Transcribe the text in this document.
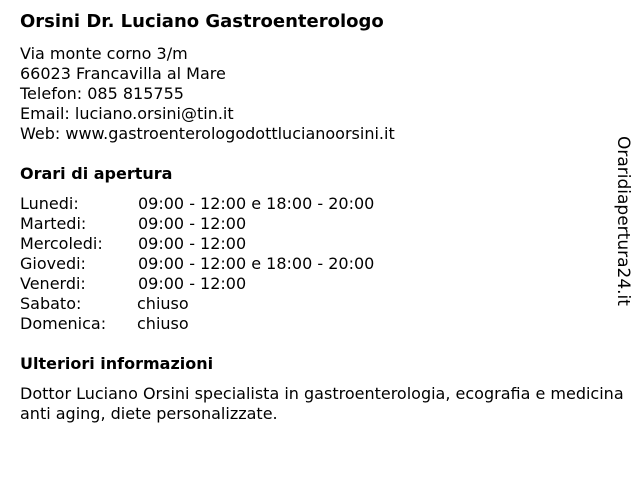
Orsini Dr. Luciano Gastroenterologo
Via monte corno 3/m
66023 Francavilla al Mare
Telefon: 085 815755
Email: luciano.orsini@tin.it
Web: www.gastroenterologodottlucianoorsini.it
Orari di apertura
Lunedi:	09:00 - 12:00 e 18:00 - 20:00
Martedi:	09:00 - 12:00
Mercoledi: 09:00 - 12:00
Giovedi:	09:00 - 12:00 e 18:00 - 20:00
Venerdi:	09:00 - 12:00
Sabato:	chiuso
Domenica: chiuso
Ulteriori informazioni
Dottor Luciano Orsini specialista in gastroenterologia, ecografia e medicina anti aging, diete personalizzate.
Oraridiapertura24.it
